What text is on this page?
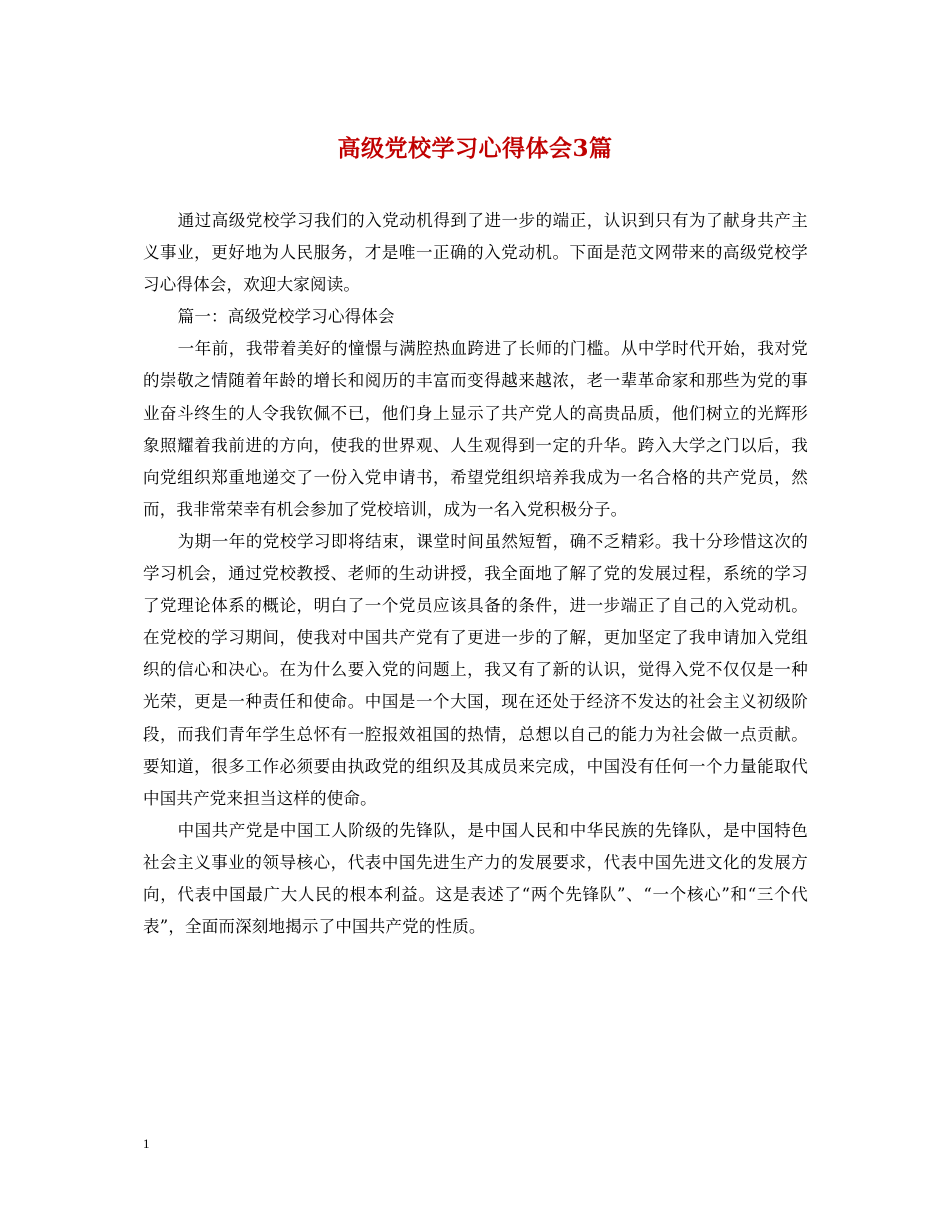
高级党校学习心得体会3篇

通过高级党校学习我们的入党动机得到了进一步的端正，认识到只有为了献身共产主义事业，更好地为人民服务，才是唯一正确的入党动机。下面是范文网带来的高级党校学习心得体会，欢迎大家阅读。

篇一：高级党校学习心得体会

一年前，我带着美好的憧憬与满腔热血跨进了长师的门槛。从中学时代开始，我对党的崇敬之情随着年龄的增长和阅历的丰富而变得越来越浓，老一辈革命家和那些为党的事业奋斗终生的人令我钦佩不已，他们身上显示了共产党人的高贵品质，他们树立的光辉形象照耀着我前进的方向，使我的世界观、人生观得到一定的升华。跨入大学之门以后，我向党组织郑重地递交了一份入党申请书，希望党组织培养我成为一名合格的共产党员，然而，我非常荣幸有机会参加了党校培训，成为一名入党积极分子。

为期一年的党校学习即将结束，课堂时间虽然短暂，确不乏精彩。我十分珍惜这次的学习机会，通过党校教授、老师的生动讲授，我全面地了解了党的发展过程，系统的学习了党理论体系的概论，明白了一个党员应该具备的条件，进一步端正了自己的入党动机。在党校的学习期间，使我对中国共产党有了更进一步的了解，更加坚定了我申请加入党组织的信心和决心。在为什么要入党的问题上，我又有了新的认识，觉得入党不仅仅是一种光荣，更是一种责任和使命。中国是一个大国，现在还处于经济不发达的社会主义初级阶段，而我们青年学生总怀有一腔报效祖国的热情，总想以自己的能力为社会做一点贡献。要知道，很多工作必须要由执政党的组织及其成员来完成，中国没有任何一个力量能取代中国共产党来担当这样的使命。

中国共产党是中国工人阶级的先锋队，是中国人民和中华民族的先锋队，是中国特色社会主义事业的领导核心，代表中国先进生产力的发展要求，代表中国先进文化的发展方向，代表中国最广大人民的根本利益。这是表述了“两个先锋队”、“一个核心”和“三个代表”，全面而深刻地揭示了中国共产党的性质。

1
